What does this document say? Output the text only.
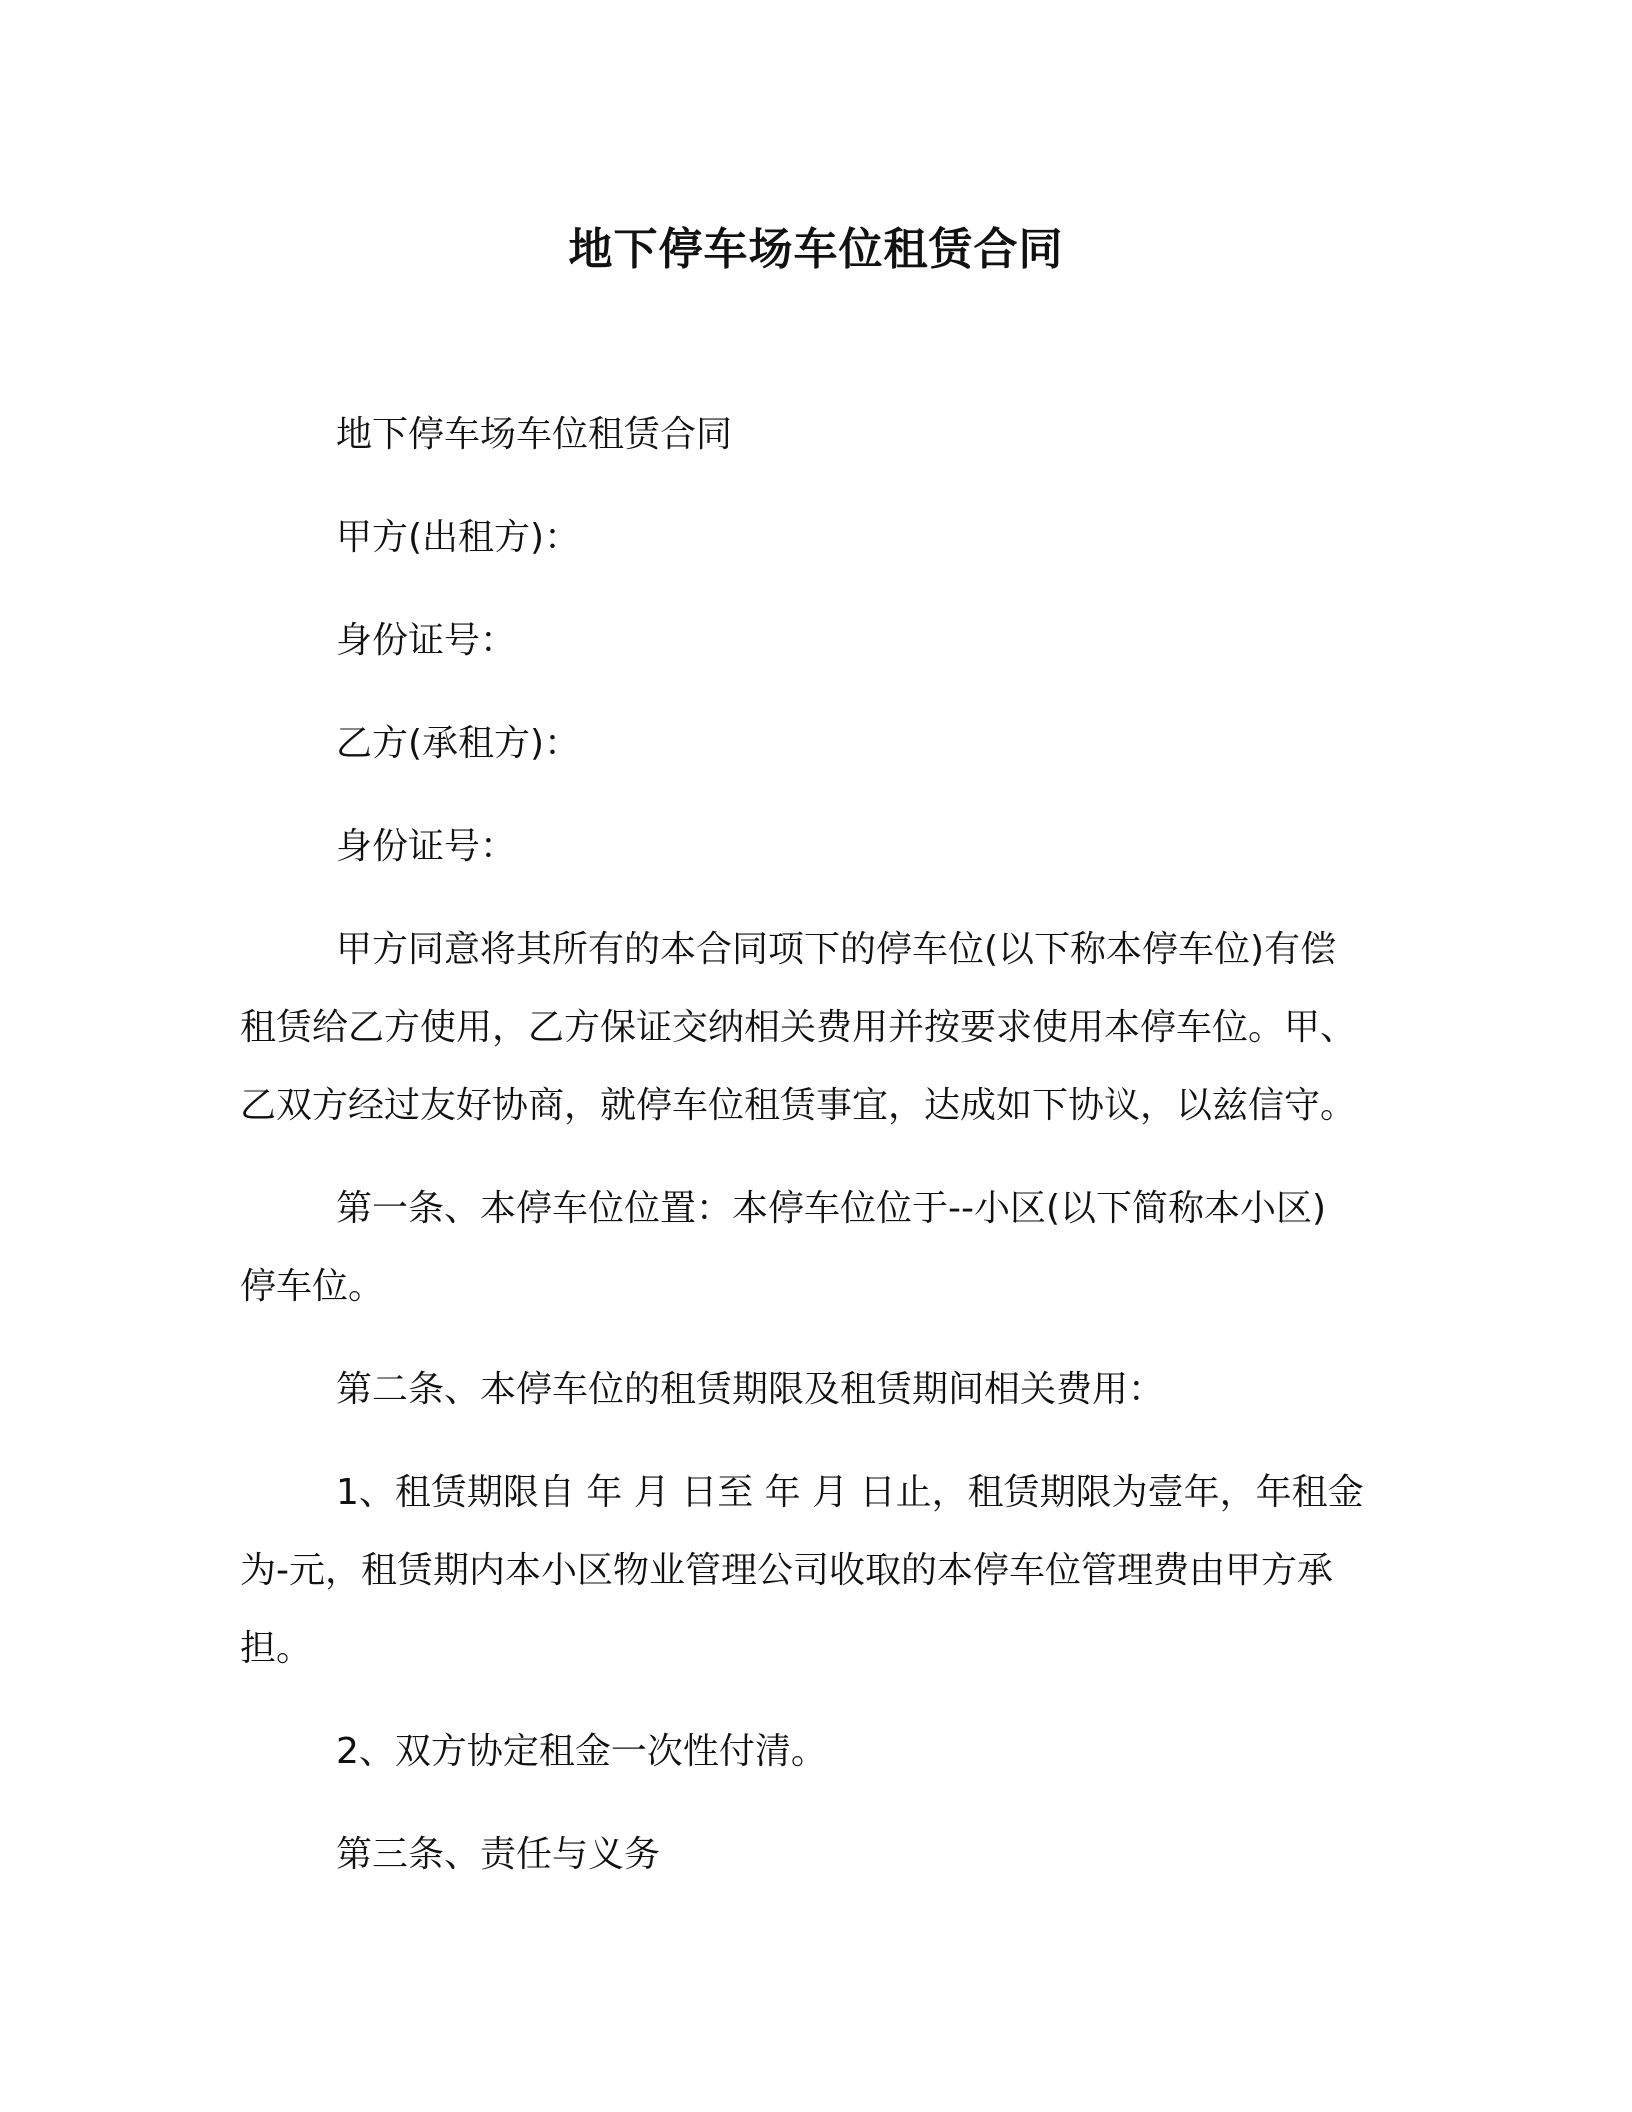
地下停车场车位租赁合同
地下停车场车位租赁合同
甲方(出租方)：
身份证号：
乙方(承租方)：
身份证号：
甲方同意将其所有的本合同项下的停车位(以下称本停车位)有偿
租赁给乙方使用，乙方保证交纳相关费用并按要求使用本停车位。甲、
乙双方经过友好协商，就停车位租赁事宜，达成如下协议，以兹信守。
第一条、本停车位位置：本停车位位于--小区(以下简称本小区)
停车位。
第二条、本停车位的租赁期限及租赁期间相关费用：
1、租赁期限自 年 月 日至 年 月 日止，租赁期限为壹年，年租金
为-元，租赁期内本小区物业管理公司收取的本停车位管理费由甲方承
担。
2、双方协定租金一次性付清。
第三条、责任与义务
